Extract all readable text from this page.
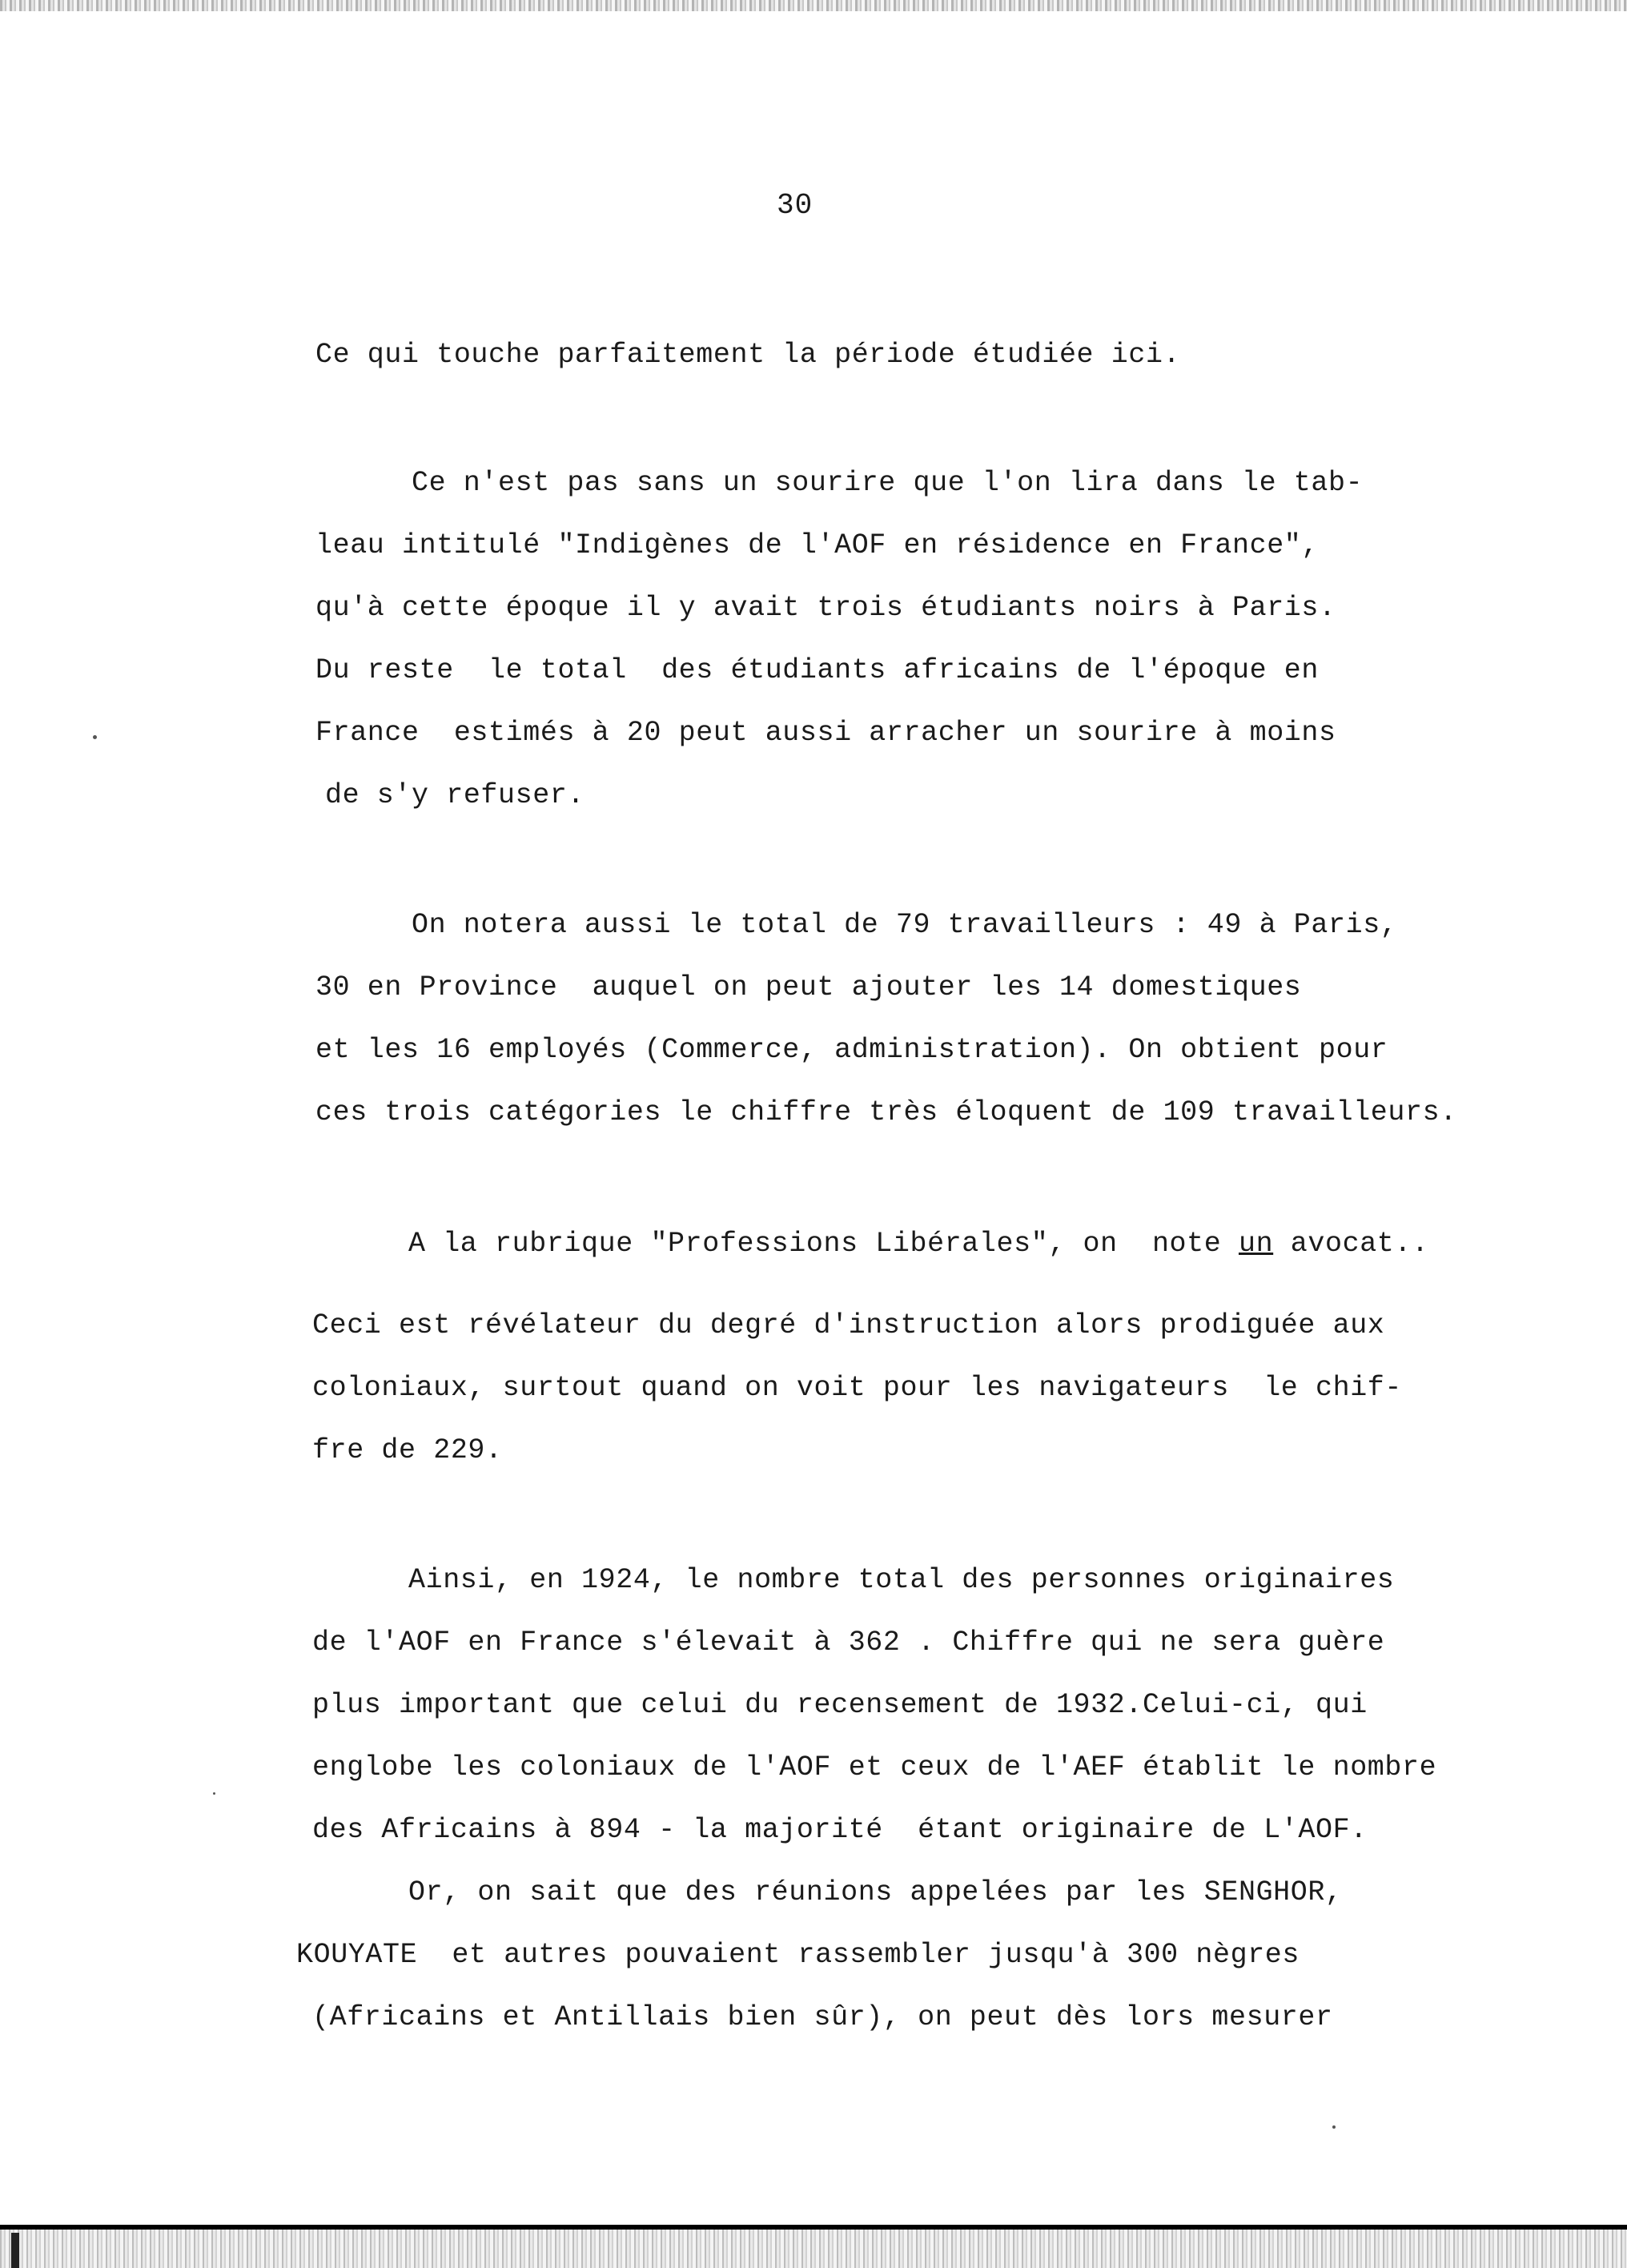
30
Ce qui touche parfaitement la période étudiée ici.
Ce n'est pas sans un sourire que l'on lira dans le tab-
leau intitulé "Indigènes de l'AOF en résidence en France",
qu'à cette époque il y avait trois étudiants noirs à Paris.
Du reste  le total  des étudiants africains de l'époque en
France  estimés à 20 peut aussi arracher un sourire à moins
de s'y refuser.
On notera aussi le total de 79 travailleurs : 49 à Paris,
30 en Province  auquel on peut ajouter les 14 domestiques
et les 16 employés (Commerce, administration). On obtient pour
ces trois catégories le chiffre très éloquent de 109 travailleurs.
A la rubrique "Professions Libérales", on  note un avocat..
Ceci est révélateur du degré d'instruction alors prodiguée aux
coloniaux, surtout quand on voit pour les navigateurs  le chif-
fre de 229.
Ainsi, en 1924, le nombre total des personnes originaires
de l'AOF en France s'élevait à 362 . Chiffre qui ne sera guère
plus important que celui du recensement de 1932.Celui-ci, qui
englobe les coloniaux de l'AOF et ceux de l'AEF établit le nombre
des Africains à 894 - la majorité  étant originaire de L'AOF.
Or, on sait que des réunions appelées par les SENGHOR,
KOUYATE  et autres pouvaient rassembler jusqu'à 300 nègres
(Africains et Antillais bien sûr), on peut dès lors mesurer
